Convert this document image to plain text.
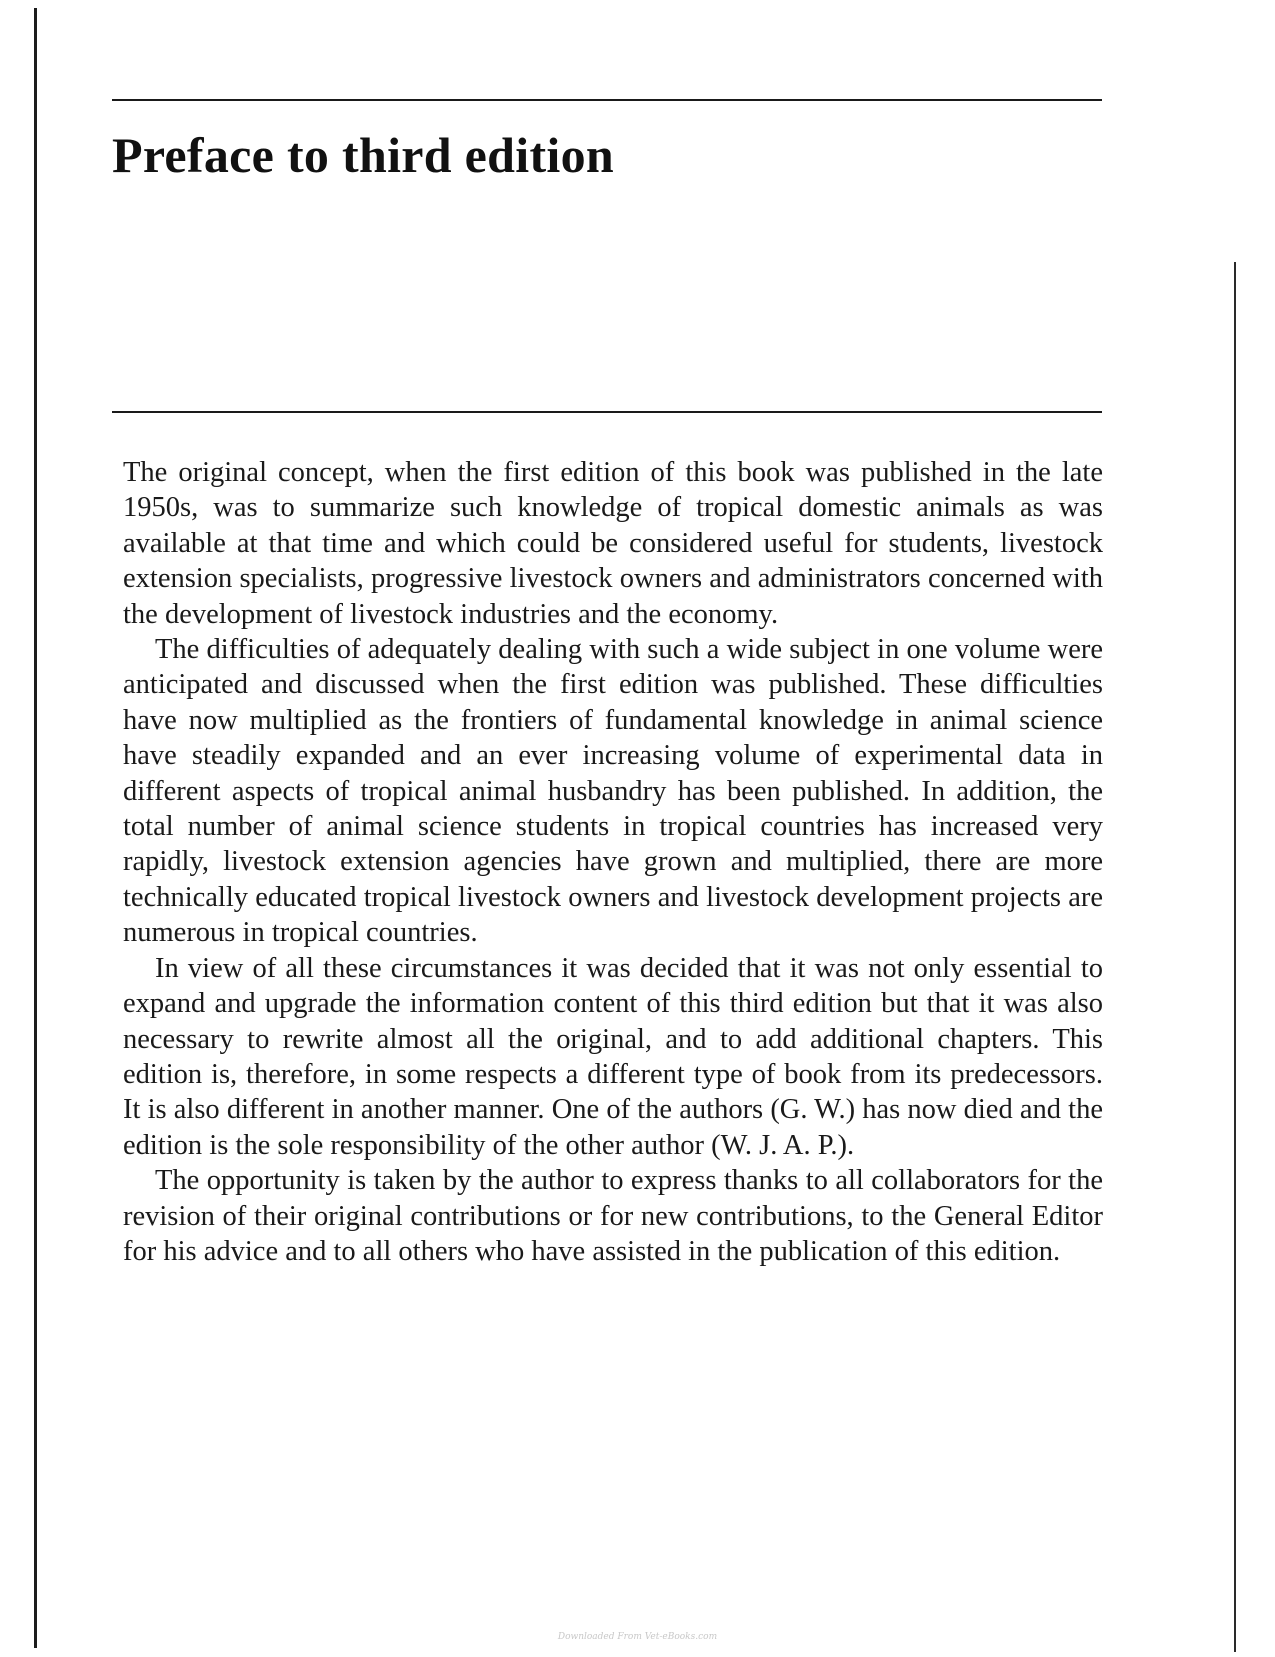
Preface to third edition

The original concept, when the first edition of this book was published in the late 1950s, was to summarize such knowledge of tropical domestic animals as was available at that time and which could be considered useful for students, livestock extension specialists, progressive livestock owners and administrators concerned with the development of livestock industries and the economy.

The difficulties of adequately dealing with such a wide subject in one volume were anticipated and discussed when the first edition was published. These difficulties have now multiplied as the frontiers of fundamental knowledge in animal science have steadily expanded and an ever increasing volume of experimental data in different aspects of tropical animal husbandry has been published. In addition, the total number of animal science students in tropical countries has increased very rapidly, livestock extension agencies have grown and multiplied, there are more technically educated tropical livestock owners and livestock development projects are numerous in tropical countries.

In view of all these circumstances it was decided that it was not only essential to expand and upgrade the information content of this third edition but that it was also necessary to rewrite almost all the original, and to add additional chapters. This edition is, therefore, in some respects a different type of book from its predecessors. It is also different in another manner. One of the authors (G. W.) has now died and the edition is the sole responsibility of the other author (W. J. A. P.).

The opportunity is taken by the author to express thanks to all collaborators for the revision of their original contributions or for new contributions, to the General Editor for his advice and to all others who have assisted in the publication of this edition.

Downloaded From Vet-eBooks.com
